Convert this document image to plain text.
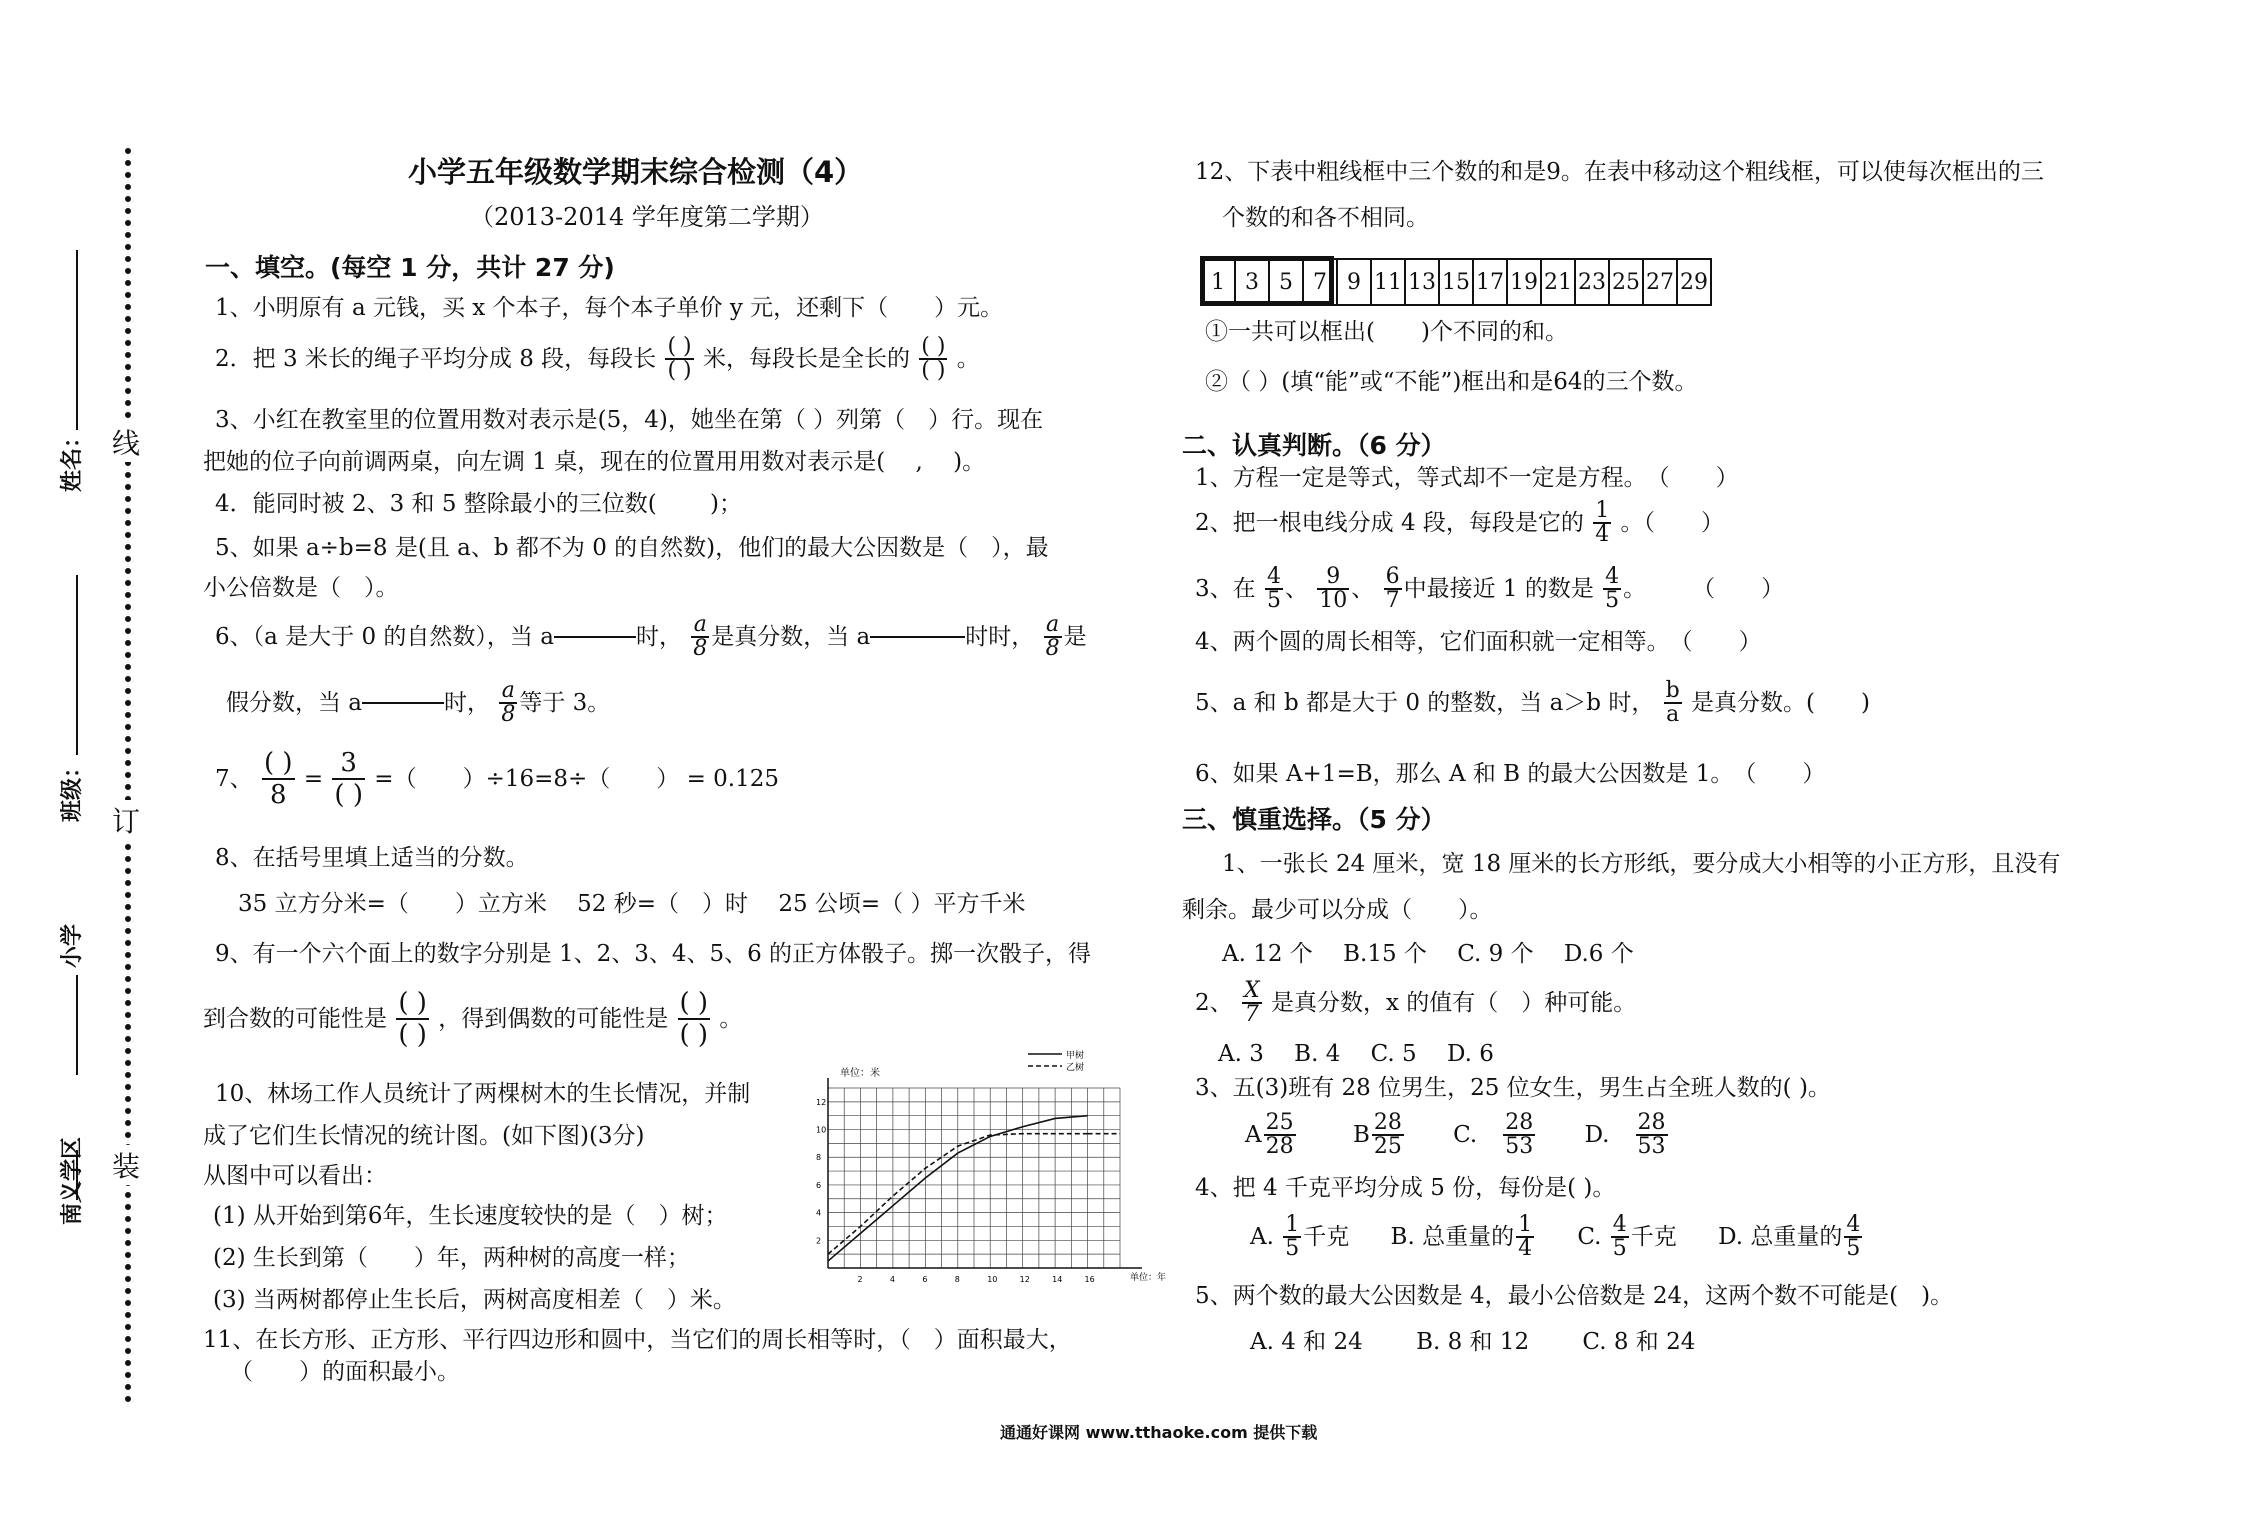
姓名：
班级：
小学
南义学区
线
订
装
小学五年级数学期末综合检测（4）
（2013-2014 学年度第二学期）
一、填空。(每空 1 分，共计 27 分)
1、小明原有 a 元钱，买 x 个本子，每个本子单价 y 元，还剩下（　　）元。
2．把 3 米长的绳子平均分成 8 段，每段长 $\frac{( )}{( )}$ 米，每段长是全长的 $\frac{( )}{( )}$ 。
3、小红在教室里的位置用数对表示是(5，4)，她坐在第（ ）列第（　）行。现在
把她的位子向前调两桌，向左调 1 桌，现在的位置用用数对表示是(　 ,　 )。
4．能同时被 2、3 和 5 整除最小的三位数(　　 )；
5、如果 a÷b=8 是(且 a、b 都不为 0 的自然数)，他们的最大公因数是（　），最
小公倍数是（　）。
6、（a 是大于 0 的自然数），当 a	时， $\frac{a}{8}$ 是真分数，当 a	时时， $\frac{a}{8}$ 是
假分数，当 a	时， $\frac{a}{8}$ 等于 3。
7、 $\frac{( )}{8} = \frac{3}{( )}$ =（　　）÷16=8÷（　　） = 0.125
8、在括号里填上适当的分数。
35 立方分米=（　　）立方米　 52 秒=（　）时　 25 公顷=（ ）平方千米
9、有一个六个面上的数字分别是 1、2、3、4、5、6 的正方体骰子。掷一次骰子，得
到合数的可能性是 $\frac{( )}{( )}$ ，得到偶数的可能性是 $\frac{( )}{( )}$ 。
10、林场工作人员统计了两棵树木的生长情况，并制
成了它们生长情况的统计图。(如下图)(3分)
从图中可以看出：
(1) 从开始到第6年，生长速度较快的是（　）树；
(2) 生长到第（　　）年，两种树的高度一样；
(3) 当两树都停止生长后，两树高度相差（　）米。
2	4	6	8	10	12	14	16
2
4
6
8
10
12
单位：米
单位：年
甲树
乙树
11、在长方形、正方形、平行四边形和圆中，当它们的周长相等时，（　）面积最大，
（　　）的面积最小。
12、下表中粗线框中三个数的和是9。在表中移动这个粗线框，可以使每次框出的三
个数的和各不相同。
1	3	5	7	9	11	13	15	17	19	21	23	25	27	29
①一共可以框出(　　)个不同的和。
②（ ）(填“能”或“不能”)框出和是64的三个数。
二、认真判断。（6 分）
1、方程一定是等式，等式却不一定是方程。　（　　）
2、把一根电线分成 4 段，每段是它的 $\frac{1}{4}$ 。（　　）
3、在 $\frac{4}{5}$ 、 $\frac{9}{10}$ 、 $\frac{6}{7}$ 中最接近 1 的数是 $\frac{4}{5}$ 。　　　（　　）
4、两个圆的周长相等，它们面积就一定相等。　（　　）
5、a 和 b 都是大于 0 的整数，当 a＞b 时， $\frac{b}{a}$ 是真分数。(　　)
6、如果 A+1=B，那么 A 和 B 的最大公因数是 1。　（　　）
三、慎重选择。（5 分）
1、一张长 24 厘米，宽 18 厘米的长方形纸，要分成大小相等的小正方形，且没有
剩余。最少可以分成（　　）。
A. 12 个　 B.15 个　 C. 9 个　 D.6 个
2、 $\frac{X}{7}$ 是真分数，x 的值有（　）种可能。
A. 3　 B. 4　 C. 5　 D. 6
3、五(3)班有 28 位男生，25 位女生，男生占全班人数的( )。
A $\frac{25}{28}$ B $\frac{28}{25} C$. $\frac{28}{53} D$. $\frac{28}{53}$
4、把 4 千克平均分成 5 份，每份是( )。
A. $\frac{1}{5}$ 千克 B. 总重量的 $\frac{1}{4} C$. $\frac{4}{5}$ 千克 D. 总重量的 $\frac{4}{5}$
5、两个数的最大公因数是 4，最小公倍数是 24，这两个数不可能是(　)。
A. 4 和 24　　 B. 8 和 12　　 C. 8 和 24
通通好课网 www.tthaoke.com 提供下载
